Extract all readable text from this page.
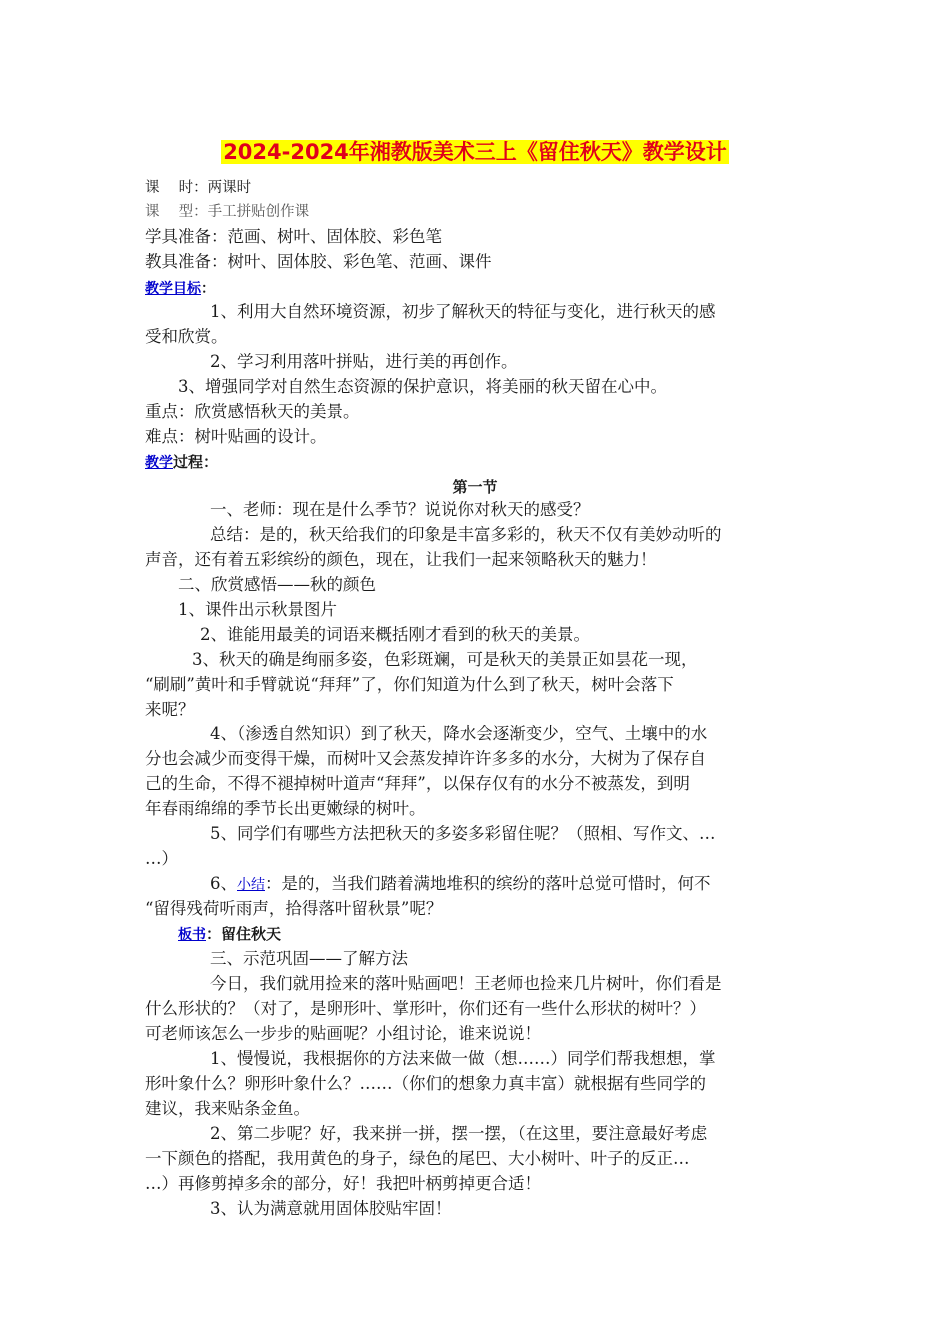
2024-2024年湘教版美术三上《留住秋天》教学设计
课　 时：两课时
课　 型：手工拼贴创作课
学具准备：范画、树叶、固体胶、彩色笔
教具准备：树叶、固体胶、彩色笔、范画、课件
教学目标：
1、利用大自然环境资源，初步了解秋天的特征与变化，进行秋天的感
受和欣赏。
2、学习利用落叶拼贴，进行美的再创作。
3、增强同学对自然生态资源的保护意识，将美丽的秋天留在心中。
重点：欣赏感悟秋天的美景。
难点：树叶贴画的设计。
教学过程：
第一节
一、老师：现在是什么季节？说说你对秋天的感受？
总结：是的，秋天给我们的印象是丰富多彩的，秋天不仅有美妙动听的
声音，还有着五彩缤纷的颜色，现在，让我们一起来领略秋天的魅力！
二、欣赏感悟——秋的颜色
1、课件出示秋景图片
2、谁能用最美的词语来概括刚才看到的秋天的美景。
3、秋天的确是绚丽多姿，色彩斑斓，可是秋天的美景正如昙花一现，
“刷刷”黄叶和手臂就说“拜拜”了，你们知道为什么到了秋天，树叶会落下
来呢？
4、（渗透自然知识）到了秋天，降水会逐渐变少，空气、土壤中的水
分也会减少而变得干燥，而树叶又会蒸发掉许许多多的水分，大树为了保存自
己的生命，不得不褪掉树叶道声“拜拜”，以保存仅有的水分不被蒸发，到明
年春雨绵绵的季节长出更嫩绿的树叶。
5、同学们有哪些方法把秋天的多姿多彩留住呢？（照相、写作文、…
…）
6、小结：是的，当我们踏着满地堆积的缤纷的落叶总觉可惜时，何不
“留得残荷听雨声，拾得落叶留秋景”呢？
板书：留住秋天
三、示范巩固——了解方法
今日，我们就用捡来的落叶贴画吧！王老师也捡来几片树叶，你们看是
什么形状的？（对了，是卵形叶、掌形叶，你们还有一些什么形状的树叶？）
可老师该怎么一步步的贴画呢？小组讨论，谁来说说！
1、慢慢说，我根据你的方法来做一做（想……）同学们帮我想想，掌
形叶象什么？卵形叶象什么？……（你们的想象力真丰富）就根据有些同学的
建议，我来贴条金鱼。
2、第二步呢？好，我来拼一拼，摆一摆，（在这里，要注意最好考虑
一下颜色的搭配，我用黄色的身子，绿色的尾巴、大小树叶、叶子的反正…
…）再修剪掉多余的部分，好！我把叶柄剪掉更合适！
3、认为满意就用固体胶贴牢固！
